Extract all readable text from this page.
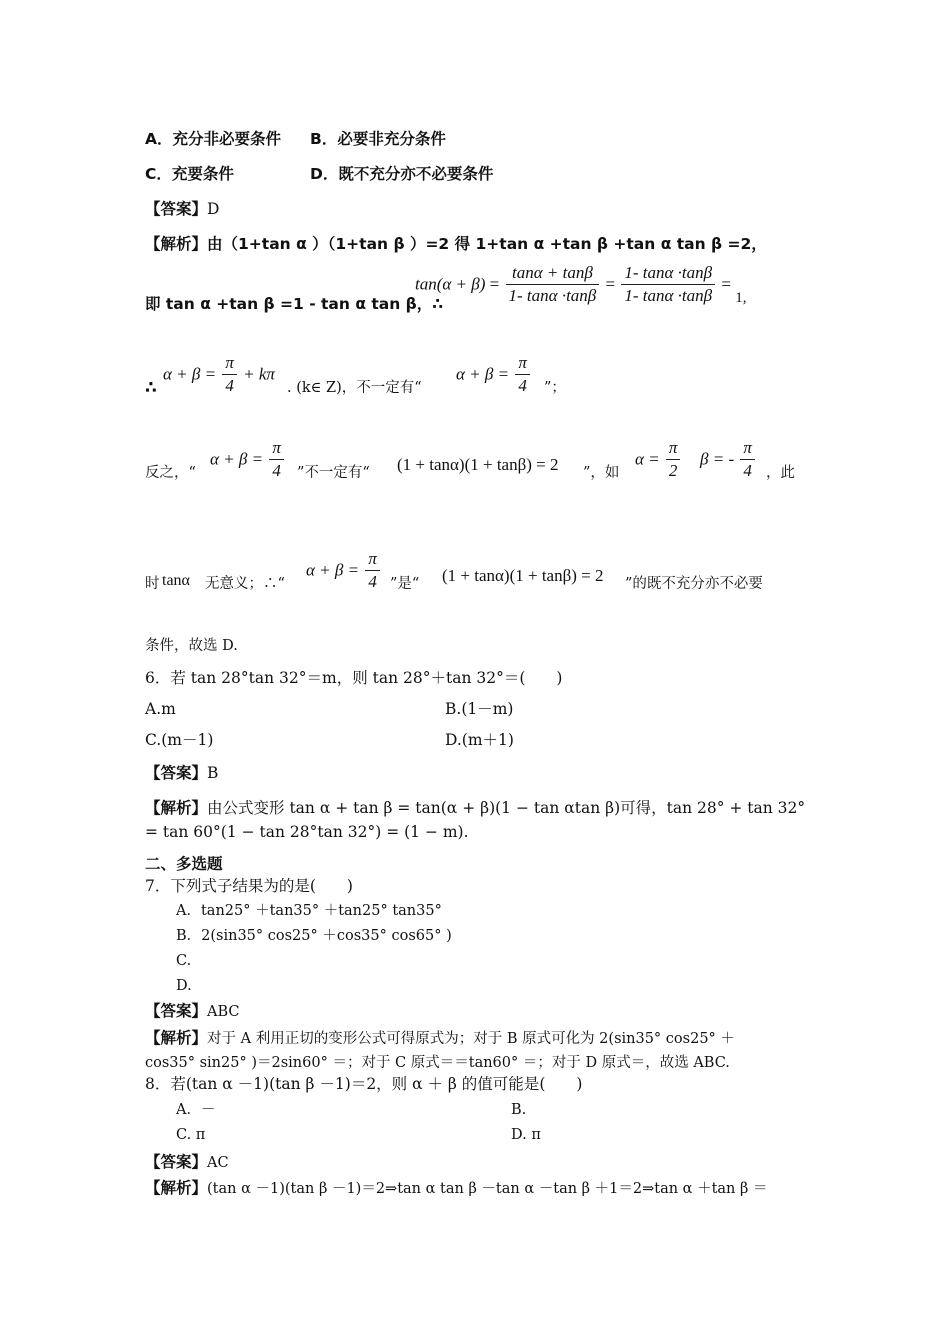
A．充分非必要条件 B．必要非充分条件
C．充要条件	D．既不充分亦不必要条件
【答案】D
【解析】由（1+tan α ）（1+tan β ）=2 得 1+tan α +tan β +tan α tan β =2，
即 tan α +tan β =1 - tan α tan β，∴
$\tan(\alpha + \beta) = \frac{\tan\alpha + \tan\beta}{1- \tan\alpha \cdot\tan\beta} = \frac{1- \tan\alpha \cdot\tan\beta}{1- \tan\alpha \cdot\tan\beta} = 1$,
∴
$\alpha + \beta = \frac{\pi}{4} + k\pi$
. (k∈ Z)，不一定有“
$\alpha + \beta = \frac{\pi}{4}$ ”；
反之，“
$\alpha + \beta = \frac{\pi}{4}$ ”不一定有“ (1 + tanα)(1 + tanβ) = 2 ”，如
$\alpha = \frac{\pi}{2}$ β = - $\frac{\pi}{4}$ ，此
时 tanα 无意义；∴“
$\alpha + \beta = \frac{\pi}{4}$ ”是“ (1 + tanα)(1 + tanβ) = 2 ”的既不充分亦不必要
条件，故选 D.
6．若 tan 28°tan 32°＝m，则 tan 28°＋tan 32°＝(　　)
A.m	B.(1－m)
C.(m－1)	D.(m＋1)
【答案】B
【解析】由公式变形 tan α + tan β = tan(α + β)(1 − tan αtan β)可得，tan 28° + tan 32°
= tan 60°(1 − tan 28°tan 32°) = (1 − m).
二、多选题
7．下列式子结果为的是(　　)
A．tan25° ＋tan35° ＋tan25° tan35°
B．2(sin35° cos25° ＋cos35° cos65° )
C.
D.
【答案】ABC
【解析】对于 A 利用正切的变形公式可得原式为；对于 B 原式可化为 2(sin35° cos25° ＋
cos35° sin25° )＝2sin60° ＝；对于 C 原式＝＝tan60° ＝；对于 D 原式＝，故选 ABC.
8．若(tan α －1)(tan β －1)＝2，则 α ＋ β 的值可能是(　　)
A．－	B.
C. π	D. π
【答案】AC
【解析】(tan α －1)(tan β －1)＝2⇒tan α tan β －tan α －tan β ＋1＝2⇒tan α ＋tan β ＝
